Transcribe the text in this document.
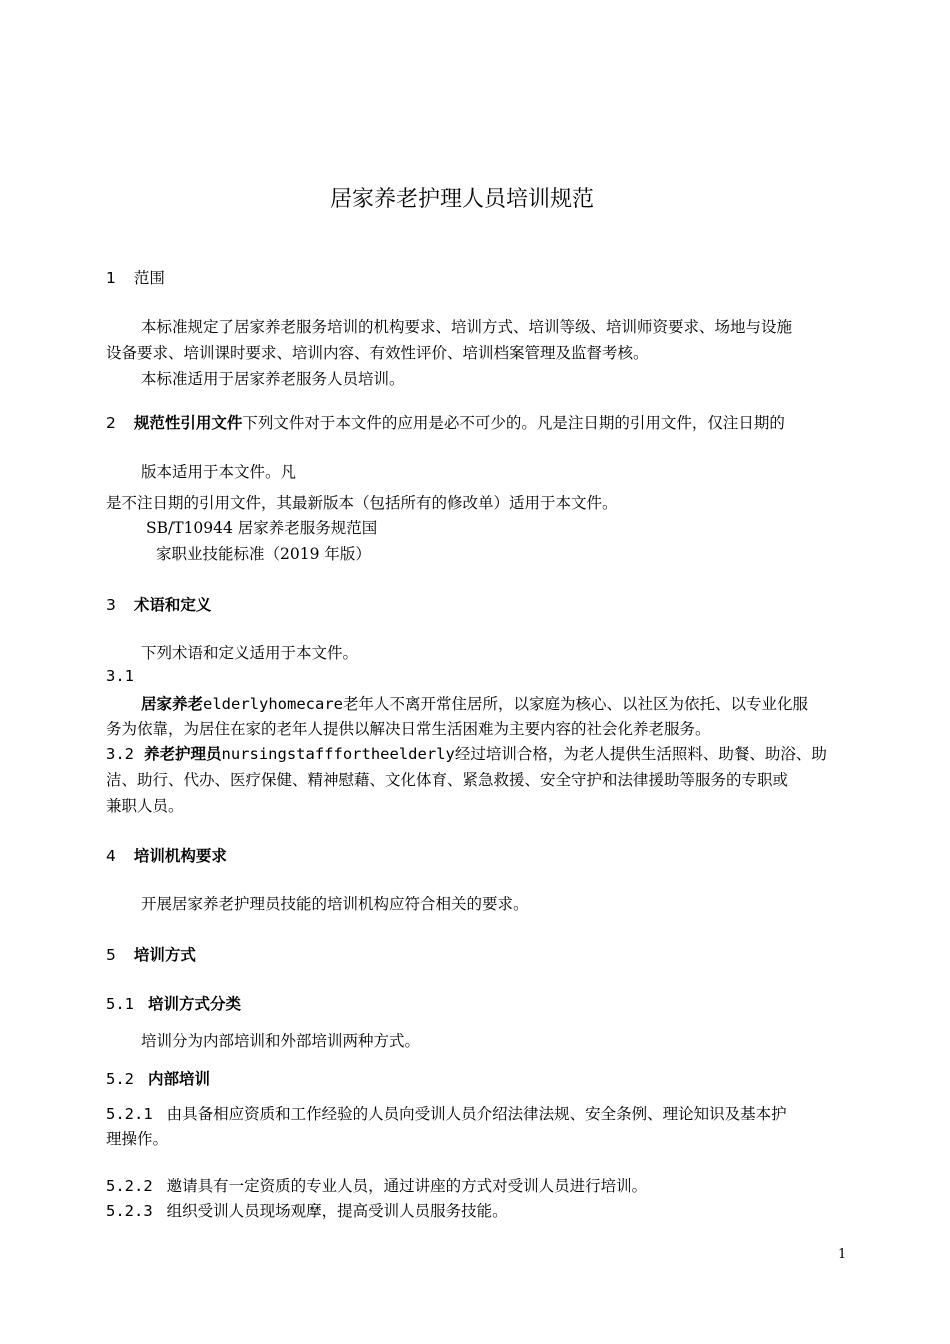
居家养老护理人员培训规范
1 范围
本标准规定了居家养老服务培训的机构要求、培训方式、培训等级、培训师资要求、场地与设施
设备要求、培训课时要求、培训内容、有效性评价、培训档案管理及监督考核。
本标准适用于居家养老服务人员培训。
2 规范性引用文件下列文件对于本文件的应用是必不可少的。凡是注日期的引用文件，仅注日期的
版本适用于本文件。凡
是不注日期的引用文件，其最新版本（包括所有的修改单）适用于本文件。
SB/T10944 居家养老服务规范国
家职业技能标准（2019 年版）
3 术语和定义
下列术语和定义适用于本文件。
3.1
居家养老elderlyhomecare老年人不离开常住居所，以家庭为核心、以社区为依托、以专业化服
务为依靠，为居住在家的老年人提供以解决日常生活困难为主要内容的社会化养老服务。
3.2 养老护理员nursingstafffortheelderly经过培训合格，为老人提供生活照料、助餐、助浴、助
洁、助行、代办、医疗保健、精神慰藉、文化体育、紧急救援、安全守护和法律援助等服务的专职或
兼职人员。
4 培训机构要求
开展居家养老护理员技能的培训机构应符合相关的要求。
5 培训方式
5.1 培训方式分类
培训分为内部培训和外部培训两种方式。
5.2 内部培训
5.2.1 由具备相应资质和工作经验的人员向受训人员介绍法律法规、安全条例、理论知识及基本护
理操作。
5.2.2 邀请具有一定资质的专业人员，通过讲座的方式对受训人员进行培训。
5.2.3 组织受训人员现场观摩，提高受训人员服务技能。
1
